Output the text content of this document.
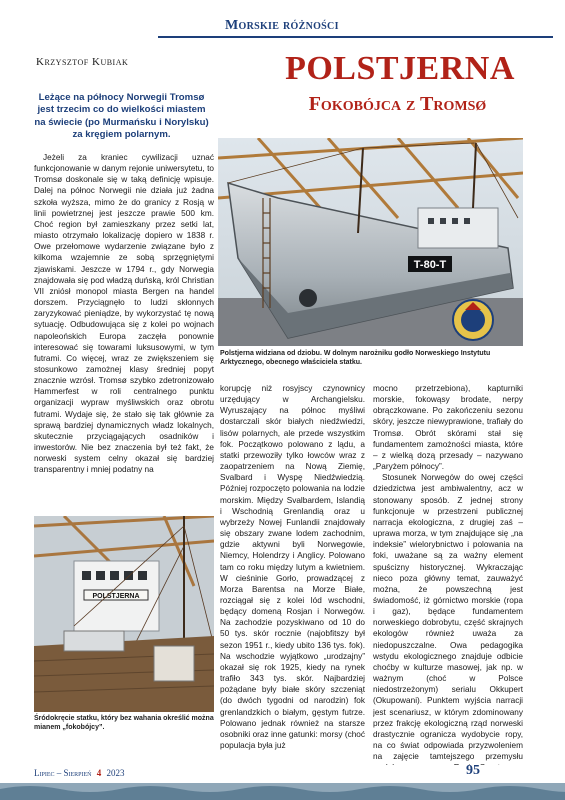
Morskie różności
Krzysztof Kubiak	POLSTJERNA
Fokobójca z Tromsø
Leżące na północy Norwegii Tromsø jest trzecim co do wielkości miastem na świecie (po Murmańsku i Norylsku) za kręgiem polarnym.

Jeżeli za kraniec cywilizacji uznać funkcjonowanie w danym rejonie uniwersytetu, to Tromsø doskonale się w taką definicję wpisuje. Dalej na północ Norwegii nie działa już żadna szkoła wyższa, mimo że do granicy z Rosją w linii powietrznej jest jeszcze prawie 500 km. Choć region był zamieszkany przez setki lat, miasto otrzymało lokalizację dopiero w 1838 r. Owe przełomowe wydarzenie związane było z kilkoma wzajemnie ze sobą sprzęgniętymi zjawiskami. Jeszcze w 1794 r., gdy Norwegia znajdowała się pod władzą duńską, król Christian VII zniósł monopol miasta Bergen na handel dorszem. Przyciągnęło to ludzi skłonnych zaryzykować pieniądze, by wykorzystać tę nową sytuację. Odbudowująca się z kolei po wojnach napoleońskich Europa zaczęła ponownie interesować się towarami luksusowymi, w tym futrami. Co więcej, wraz ze zwiększeniem się stosunkowo zamożnej klasy średniej popyt znacznie wzrósł. Tromsø szybko zdetronizowało Hammerfest w roli centralnego punktu organizacji wypraw myśliwskich oraz obrotu futrami. Wydaje się, że stało się tak głównie za sprawą bardziej dynamicznych władz lokalnych, skutecznie przyciągających osadników i inwestorów. Nie bez znaczenia był też fakt, że norweski system celny okazał się bardziej transparentny i mniej podatny na

T-80-T
Polstjerna widziana od dziobu. W dolnym narożniku godło Norweskiego Instytutu Arktycznego, obecnego właściciela statku.
POLSTJERNA
Śródokręcie statku, który bez wahania określić można mianem „fokobójcy”.

korupcję niż rosyjscy czynownicy urzędujący w Archangielsku. Wyruszający na północ myśliwi dostarczali skór białych niedźwiedzi, lisów polarnych, ale przede wszystkim fok. Początkowo polowano z lądu, a statki przewoziły tylko łowców wraz z zaopatrzeniem na Nową Ziemię, Svalbard i Wyspę Niedźwiedzią. Później rozpoczęto polowania na lodzie morskim. Między Svalbardem, Islandią i Wschodnią Grenlandią oraz u wybrzeży Nowej Funlandii znajdowały się obszary zwane lodem zachodnim, gdzie aktywni byli Norwegowie, Niemcy, Holendrzy i Anglicy. Polowano tam co roku między lutym a kwietniem. W cieśninie Gorło, prowadzącej z Morza Barentsa na Morze Białe, rozciągał się z kolei lód wschodni, będący domeną Rosjan i Norwegów. Na zachodzie pozyskiwano od 10 do 50 tys. skór rocznie (najobfitszy był sezon 1951 r., kiedy ubito 136 tys. fok). Na wschodzie wyjątkowo „urodzajny” okazał się rok 1925, kiedy na rynek trafiło 343 tys. skór. Najbardziej pożądane były białe skóry szczeniąt (do dwóch tygodni od narodzin) fok grenlandzkich o białym, gęstym futrze. Polowano jednak również na starsze osobniki oraz inne gatunki: morsy (choć populacja była już

mocno przetrzebiona), kapturniki morskie, fokowąsy brodate, nerpy obrączkowane. Po zakończeniu sezonu skóry, jeszcze niewyprawione, trafiały do Tromsø. Obrót skórami stał się fundamentem zamożności miasta, które – z wielką dozą przesady – nazywano „Paryżem północy”.

Stosunek Norwegów do owej części dziedzictwa jest ambiwalentny, acz w stonowany sposób. Z jednej strony funkcjonuje w przestrzeni publicznej narracja ekologiczna, z drugiej zaś – uprawa morza, w tym znajdujące się „na indeksie” wielorybnictwo i polowania na foki, uważane są za ważny element spuścizny historycznej. Wykraczając nieco poza główny temat, zauważyć można, że powszechną jest świadomość, iż górnictwo morskie (ropa i gaz), będące fundamentem norweskiego dobrobytu, część skrajnych ekologów również uważa za niedopuszczalne. Owa pedagogika wstydu ekologicznego znajduje odbicie choćby w kulturze masowej, jak np. w ważnym (choć w Polsce niedostrzeżonym) serialu Okkupert (Okupowani). Punktem wyjścia narracji jest scenariusz, w którym zdominowany przez frakcję ekologiczną rząd norweski drastycznie ogranicza wydobycie ropy, na co świat odpowiada przyzwoleniem na zajęcie tamtejszego przemysłu

Lipiec – Sierpień 4 2023	95
